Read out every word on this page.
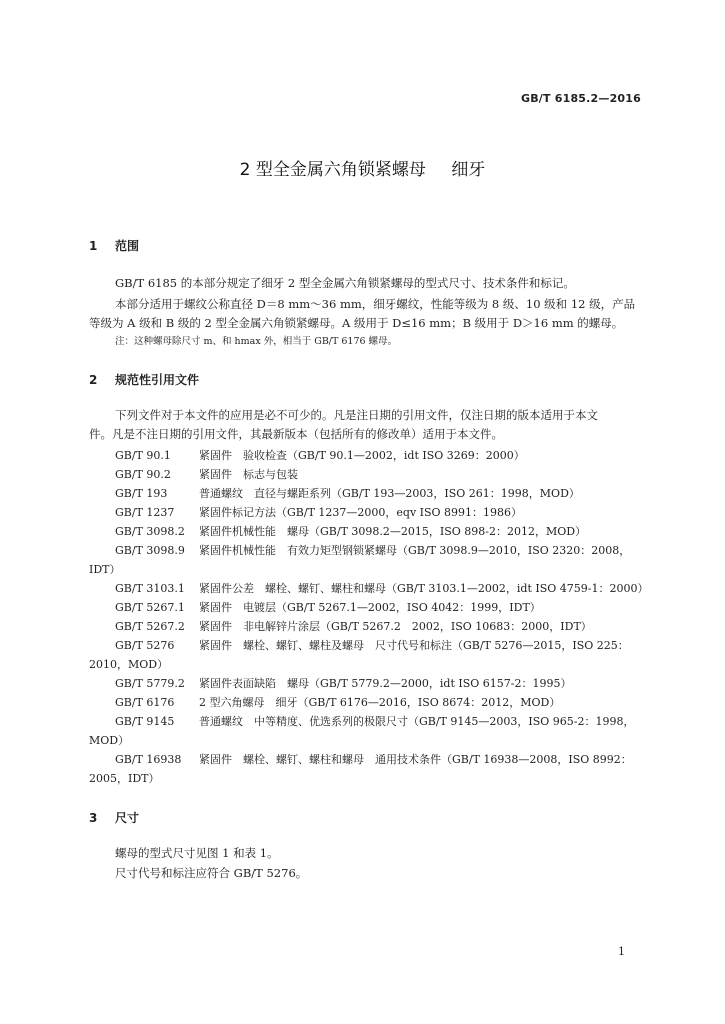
GB/T 6185.2—2016
2 型全金属六角锁紧螺母 细牙
1 范围
GB/T 6185 的本部分规定了细牙 2 型全金属六角锁紧螺母的型式尺寸、技术条件和标记。
本部分适用于螺纹公称直径 D＝8 mm～36 mm，细牙螺纹，性能等级为 8 级、10 级和 12 级，产品
等级为 A 级和 B 级的 2 型全金属六角锁紧螺母。A 级用于 D≤16 mm；B 级用于 D＞16 mm 的螺母。
注：这种螺母除尺寸 m、和 hmax 外，相当于 GB/T 6176 螺母。
2 规范性引用文件
下列文件对于本文件的应用是必不可少的。凡是注日期的引用文件，仅注日期的版本适用于本文
件。凡是不注日期的引用文件，其最新版本（包括所有的修改单）适用于本文件。
GB/T 90.1	紧固件　验收检查（GB/T 90.1—2002，idt ISO 3269：2000）
GB/T 90.2	紧固件　标志与包装
GB/T 193	普通螺纹　直径与螺距系列（GB/T 193—2003，ISO 261：1998，MOD）
GB/T 1237 紧固件标记方法（GB/T 1237—2000，eqv ISO 8991：1986）
GB/T 3098.2 紧固件机械性能　螺母（GB/T 3098.2—2015，ISO 898-2：2012，MOD）
GB/T 3098.9 紧固件机械性能　有效力矩型钢锁紧螺母（GB/T 3098.9—2010，ISO 2320：2008，
IDT）
GB/T 3103.1 紧固件公差　螺栓、螺钉、螺柱和螺母（GB/T 3103.1—2002，idt ISO 4759-1：2000）
GB/T 5267.1 紧固件　电镀层（GB/T 5267.1—2002，ISO 4042：1999，IDT）
GB/T 5267.2 紧固件　非电解锌片涂层（GB/T 5267.2　2002，ISO 10683：2000，IDT）
GB/T 5276 紧固件　螺栓、螺钉、螺柱及螺母　尺寸代号和标注（GB/T 5276—2015，ISO 225：
2010，MOD）
GB/T 5779.2 紧固件表面缺陷　螺母（GB/T 5779.2—2000，idt ISO 6157-2：1995）
GB/T 6176 2 型六角螺母　细牙（GB/T 6176—2016，ISO 8674：2012，MOD）
GB/T 9145 普通螺纹　中等精度、优选系列的极限尺寸（GB/T 9145—2003，ISO 965-2：1998，
MOD）
GB/T 16938 紧固件　螺栓、螺钉、螺柱和螺母　通用技术条件（GB/T 16938—2008，ISO 8992：
2005，IDT）
3 尺寸
螺母的型式尺寸见图 1 和表 1。
尺寸代号和标注应符合 GB/T 5276。
1
